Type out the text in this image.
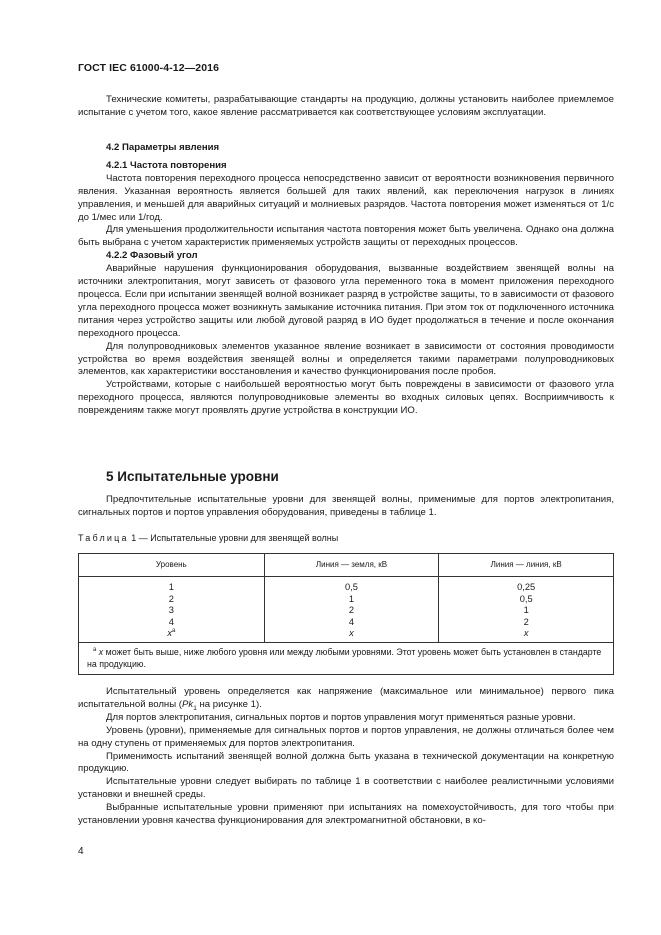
ГОСТ IEC 61000-4-12—2016

Технические комитеты, разрабатывающие стандарты на продукцию, должны установить наиболее приемлемое испытание с учетом того, какое явление рассматривается как соответствующее условиям эксплуатации.

4.2 Параметры явления
4.2.1 Частота повторения

Частота повторения переходного процесса непосредственно зависит от вероятности возникновения первичного явления. Указанная вероятность является большей для таких явлений, как переключения нагрузок в линиях управления, и меньшей для аварийных ситуаций и молниевых разрядов. Частота повторения может изменяться от 1/с до 1/мес или 1/год.

Для уменьшения продолжительности испытания частота повторения может быть увеличена. Однако она должна быть выбрана с учетом характеристик применяемых устройств защиты от переходных процессов.

4.2.2 Фазовый угол

Аварийные нарушения функционирования оборудования, вызванные воздействием звенящей волны на источники электропитания, могут зависеть от фазового угла переменного тока в момент приложения переходного процесса. Если при испытании звенящей волной возникает разряд в устройстве защиты, то в зависимости от фазового угла переходного процесса может возникнуть замыкание источника питания. При этом ток от подключенного источника питания через устройство защиты или любой дуговой разряд в ИО будет продолжаться в течение и после окончания переходного процесса.

Для полупроводниковых элементов указанное явление возникает в зависимости от состояния проводимости устройства во время воздействия звенящей волны и определяется такими параметрами полупроводниковых элементов, как характеристики восстановления и качество функционирования после пробоя.

Устройствами, которые с наибольшей вероятностью могут быть повреждены в зависимости от фазового угла переходного процесса, являются полупроводниковые элементы во входных силовых цепях. Восприимчивость к повреждениям также могут проявлять другие устройства в конструкции ИО.

5 Испытательные уровни

Предпочтительные испытательные уровни для звенящей волны, применимые для портов электропитания, сигнальных портов и портов управления оборудования, приведены в таблице 1.

Таблица 1 — Испытательные уровни для звенящей волны
Уровень	Линия — земля, кВ	Линия — линия, кВ
1	0,5	0,25
2	1	0,5
3	2	1
4	4	2
$x^a$	x	x

$^a$ x может быть выше, ниже любого уровня или между любыми уровнями. Этот уровень может быть установлен в стандарте на продукцию.		

Испытательный уровень определяется как напряжение (максимальное или минимальное) первого пика испытательной волны ($Pk_1$ на рисунке 1).

Для портов электропитания, сигнальных портов и портов управления могут применяться разные уровни.

Уровень (уровни), применяемые для сигнальных портов и портов управления, не должны отличаться более чем на одну ступень от применяемых для портов электропитания.

Применимость испытаний звенящей волной должна быть указана в технической документации на конкретную продукцию.

Испытательные уровни следует выбирать по таблице 1 в соответствии с наиболее реалистичными условиями установки и внешней среды.

Выбранные испытательные уровни применяют при испытаниях на помехоустойчивость, для того чтобы при установлении уровня качества функционирования для электромагнитной обстановки, в ко-

4
